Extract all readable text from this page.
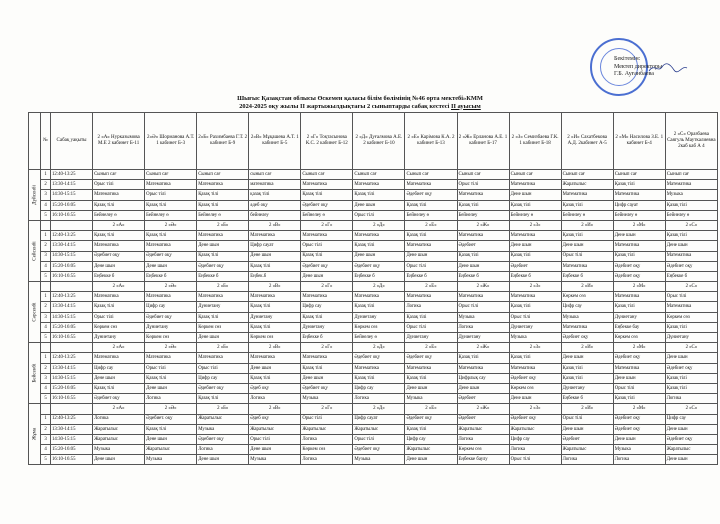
Бекітемін:
Мектеп директоры
Г.Б. Ауғанбаева
Шығыс Қазақстан облысы Өскемен қаласы білім бөлімінің №46 орта мектебі»КММ
2024-2025 оқу жылы II жартыжылдықтағы 2 сыныптарды сабақ кестесі II ауысым
	№	Сабақ уақыты	2 «А» Нурказымова М.Е 2 кабинет Б-11	2«Ә» Шорманова А.Т. 1 кабинет Б-3	2«Б» Рахимбаева Г.Т. 2 кабинет Б-9	2«В» Мұқашева А.Т. 1 кабинет Б-5	2 «Г» Тоқтасынова К.С. 2 кабинет Б-12	2 «Д» Дуғалмова А.Е. 2 кабинет Б-10	2 «Е» Карімова К.А. 2 кабинет Б-13	2 «Ж» Ерланова А.Е. 1 кабинет Б-17	2 «З» Семизбаева Г.К. 1 кабинет Б-18	2 «И» Сахатбекова А.Д. 2кабинет А-5	2 «М» Насилова З.Е. 1 кабинет Б-4	2 «С» Оразбаева Саягуль Мауткалиевна 2каб каб А 4

Дүйсенбі	1	12:40-13:25	Сынып сағ	Сынып сағ	Сынып сағ	сынып сағ	Сынып сағ	Сынып сағ	Сынып сағ	Сынып сағ	Сынып сағ	Сынып сағ	Сынып сағ	Сынып сағ
	2	13:30-14:15	Орыс тілі	Математика	Математика	математика	Математика	Математика	Математика	Орыс тілі	Математика	Жаратылыс	Қазақ тілі	Математика
	3	14:30-15:15	Математика	Орыс тілі	Қазақ тілі	қазақ тілі	Қазақ тілі	Қазақ тілі	Әдебиет оқу	Математика	Дене шын	Математика	Математика	Музыка
	4	15:20-16:05	Қазақ тілі	Қазақ тілі	Қазақ тілі	әдеб оқу	Әдебиет оқу	Дене шын	Қазақ тілі	Қазақ тілі	Қазақ тілі	Қазақ тілі	Цифр сауат	Қазақ тілі
	5	16:10-16:55	Бейнелеу ө	Бейнелеу ө	Бейнелеу ө	бейнелеу	Бейнелеу ө	Орыс тілі	Бейнелеу ө	Бейнелеу	Бейнелеу ө	Бейнелеу ө	Бейнелеу ө	Бейнелеу ө

Сейсенбі			2 «А»	2 «Ә»	2 «Б»	2 «В»	2 «Г»	2 «Д»	2 «Е»	2 «Ж»	2 «З»	2 «И»	2 «М»	2 «С»
	1	12:40-13:25	Қазақ тілі	Қазақ тілі	Математика	Математика	Математика	Математика	Қазақ тілі	Математика	Математика	Қазақ тілі	Дене шын	Қазақ тілі
	2	13:30-14:15	Математика	Математика	Дене шын	Цифр сауат	Орыс тілі	Қазақ тілі	Математика	Әдебиет	Дене шын	Дене шын	Математика	Дене шын
	3	14:30-15:15	Әдебиет оқу	Әдебиет оқу	Қазақ тілі	Дене шын	Қазақ тілі	Дене шын	Дене шын	Қазақ тілі	Қазақ тілі	Орыс тілі	Қазақ тілі	Математика
	4	15:20-16:05	Дене шын	Дене шын	Әдебиет оқу	Қазақ тілі	Әдебиет оқу	Әдебиет оқу	Орыс тілі	Дене шын	Әдебиет	Математика	Әдебиет оқу	Әдебиет оқу
	5	16:10-16:55	Еңбекке б	Еңбекке б	Еңбекке б	Еңбек.б	Дене шын	Еңбекке б	Еңбекке б	Еңбекке б	Еңбекке б	Еңбекке б	Әдебиет оқу	Еңбекке б

Сәрсенбі			2 «А»	2 «Ә»	2 «Б»	2 «В»	2 «Г»	2 «Д»	2 «Е»	2 «Ж»	2 «З»	2 «И»	2 «М»	2 «С»
	1	12:40-13:25	Математика	Математика	Математика	Математика	Математика	Математика	Математика	Математика	Математика	Көркем сөз	Математика	Орыс тілі
	2	13:30-14:15	Қазақ тілі	Цифр сау	Дүниетану	Қазақ тілі	Цифр сау	Қазақ тілі	Логика	Орыс тілі	Қазақ тілі	Цифр сау	Қазақ тілі	Математика
	3	14:30-15:15	Орыс тілі	Әдебиет оқу	Қазақ тілі	Дүниетану	Қазақ тілі	Дүниетану	Қазақ тілі	Музыка	Орыс тілі	Музыка	Дүниетану	Көркем сөз
	4	15:20-16:05	Көркем сөз	Дүниетану	Көркем сөз	Қазақ тілі	Дүниетану	Көркем сөз	Орыс тілі	Логика	Дүниетану	Математика	Еңбекке бау	Қазақ тілі
	5	16:10-16:55	Дүниетану	Көркем сөз	Дене шын	Көркем сөз	Еңбекке б	Бейнелеу ө	Дүниетану	Дүниетану	Музыка	Әдебиет оқу	Көркем сөз	Дүниетану

Бейсенбі			2 «А»	2 «Ә»	2 «Б»	2 «В»	2 «Г»	2 «Д»	2 «Е»	2 «Ж»	2 «З»	2 «И»	2 «М»	2 «С»
	1	12:40-13:25	Математика	Математика	Математика	Математика	Математика	Әдебиет оқу	Әдебиет оқу	Қазақ тілі	Қазақ тілі	Дене шын	Әдебиет оқу	Дене шын
	2	13:30-14:15	Цифр сау	Орыс тілі	Орыс тілі	Дене шын	Қазақ тілі	Математика	Математика	Математика	Математика	Қазақ тілі	Математика	Әдебиет оқу
	3	14:30-15:15	Дене шын	Қазақ тілі	Цифр сау	Қазақ тілі	Дене шын	Қазақ тілі	Қазақ тілі	Цифрлық сау	Әдебиет оқу	Қазақ тілі	Дене шын	Қазақ тілі
	4	15:20-16:05	Қазақ тілі	Дене шын	Әдебиет оқу	Әдеб оқу	Әдебиет оқу	Цифр сау	Дене шын	Дене шын	Көркем сөз	Дүниетану	Орыс тілі	Қазақ тілі
	5	16:10-16:55	Әдебиет оқу	Логика	Қазақ тілі	Логика	Музыка	Логика	Музыка	Әдебиет	Дене шын	Еңбекке б	Қазақ тілі	Логика

Жұма			2 «А»	2 «Ә»	2 «Б»	2 «В»	2 «Г»	2 «Д»	2 «Е»	2 «Ж»	2 «З»	2 «И»	2 «М»	2 «С»
	1	12:40-13:25	Логика	Әдебиет. оқу	Жаратылыс	Әдеб оқу	Орыс тілі	Цифр сауат	Әдебиет оқу	Әдебиет	Әдебиет оқу	Орыс тілі	Әдебиет оқу	Цифр сау
	2	13:30-14:15	Жаратылыс	Қазақ тілі	Музыка	Жаратылыс	Жаратылыс	Жаратылыс	Қазақ тілі	Жаратылыс	Жаратылыс	Дене шын	Әдебиет оқу	Дене шын
	3	14:30-15:15	Жаратылыс	Дене шын	Әдебиет оқу	Орыс тілі	Логика	Орыс тілі	Цифр сау	Логика	Цифр сау	Әдебиет	Дене шын	Әдебиет оқу
	4	15:20-16:05	Музыка	Жаратылыс	Логика	Дене шын	Көркем сөз	Әдебиет оқу	Жаратылыс	Көркем сөз	Логика	Жаратылыс	Музыка	Жаратылыс
	5	16:10-16:55	Дене шын	Музыка	Дене шын	Музыка	Логика	Музыка	Дене шын	Еңбекке баулу	Орыс тілі	Логика	Логика	Дене шын
